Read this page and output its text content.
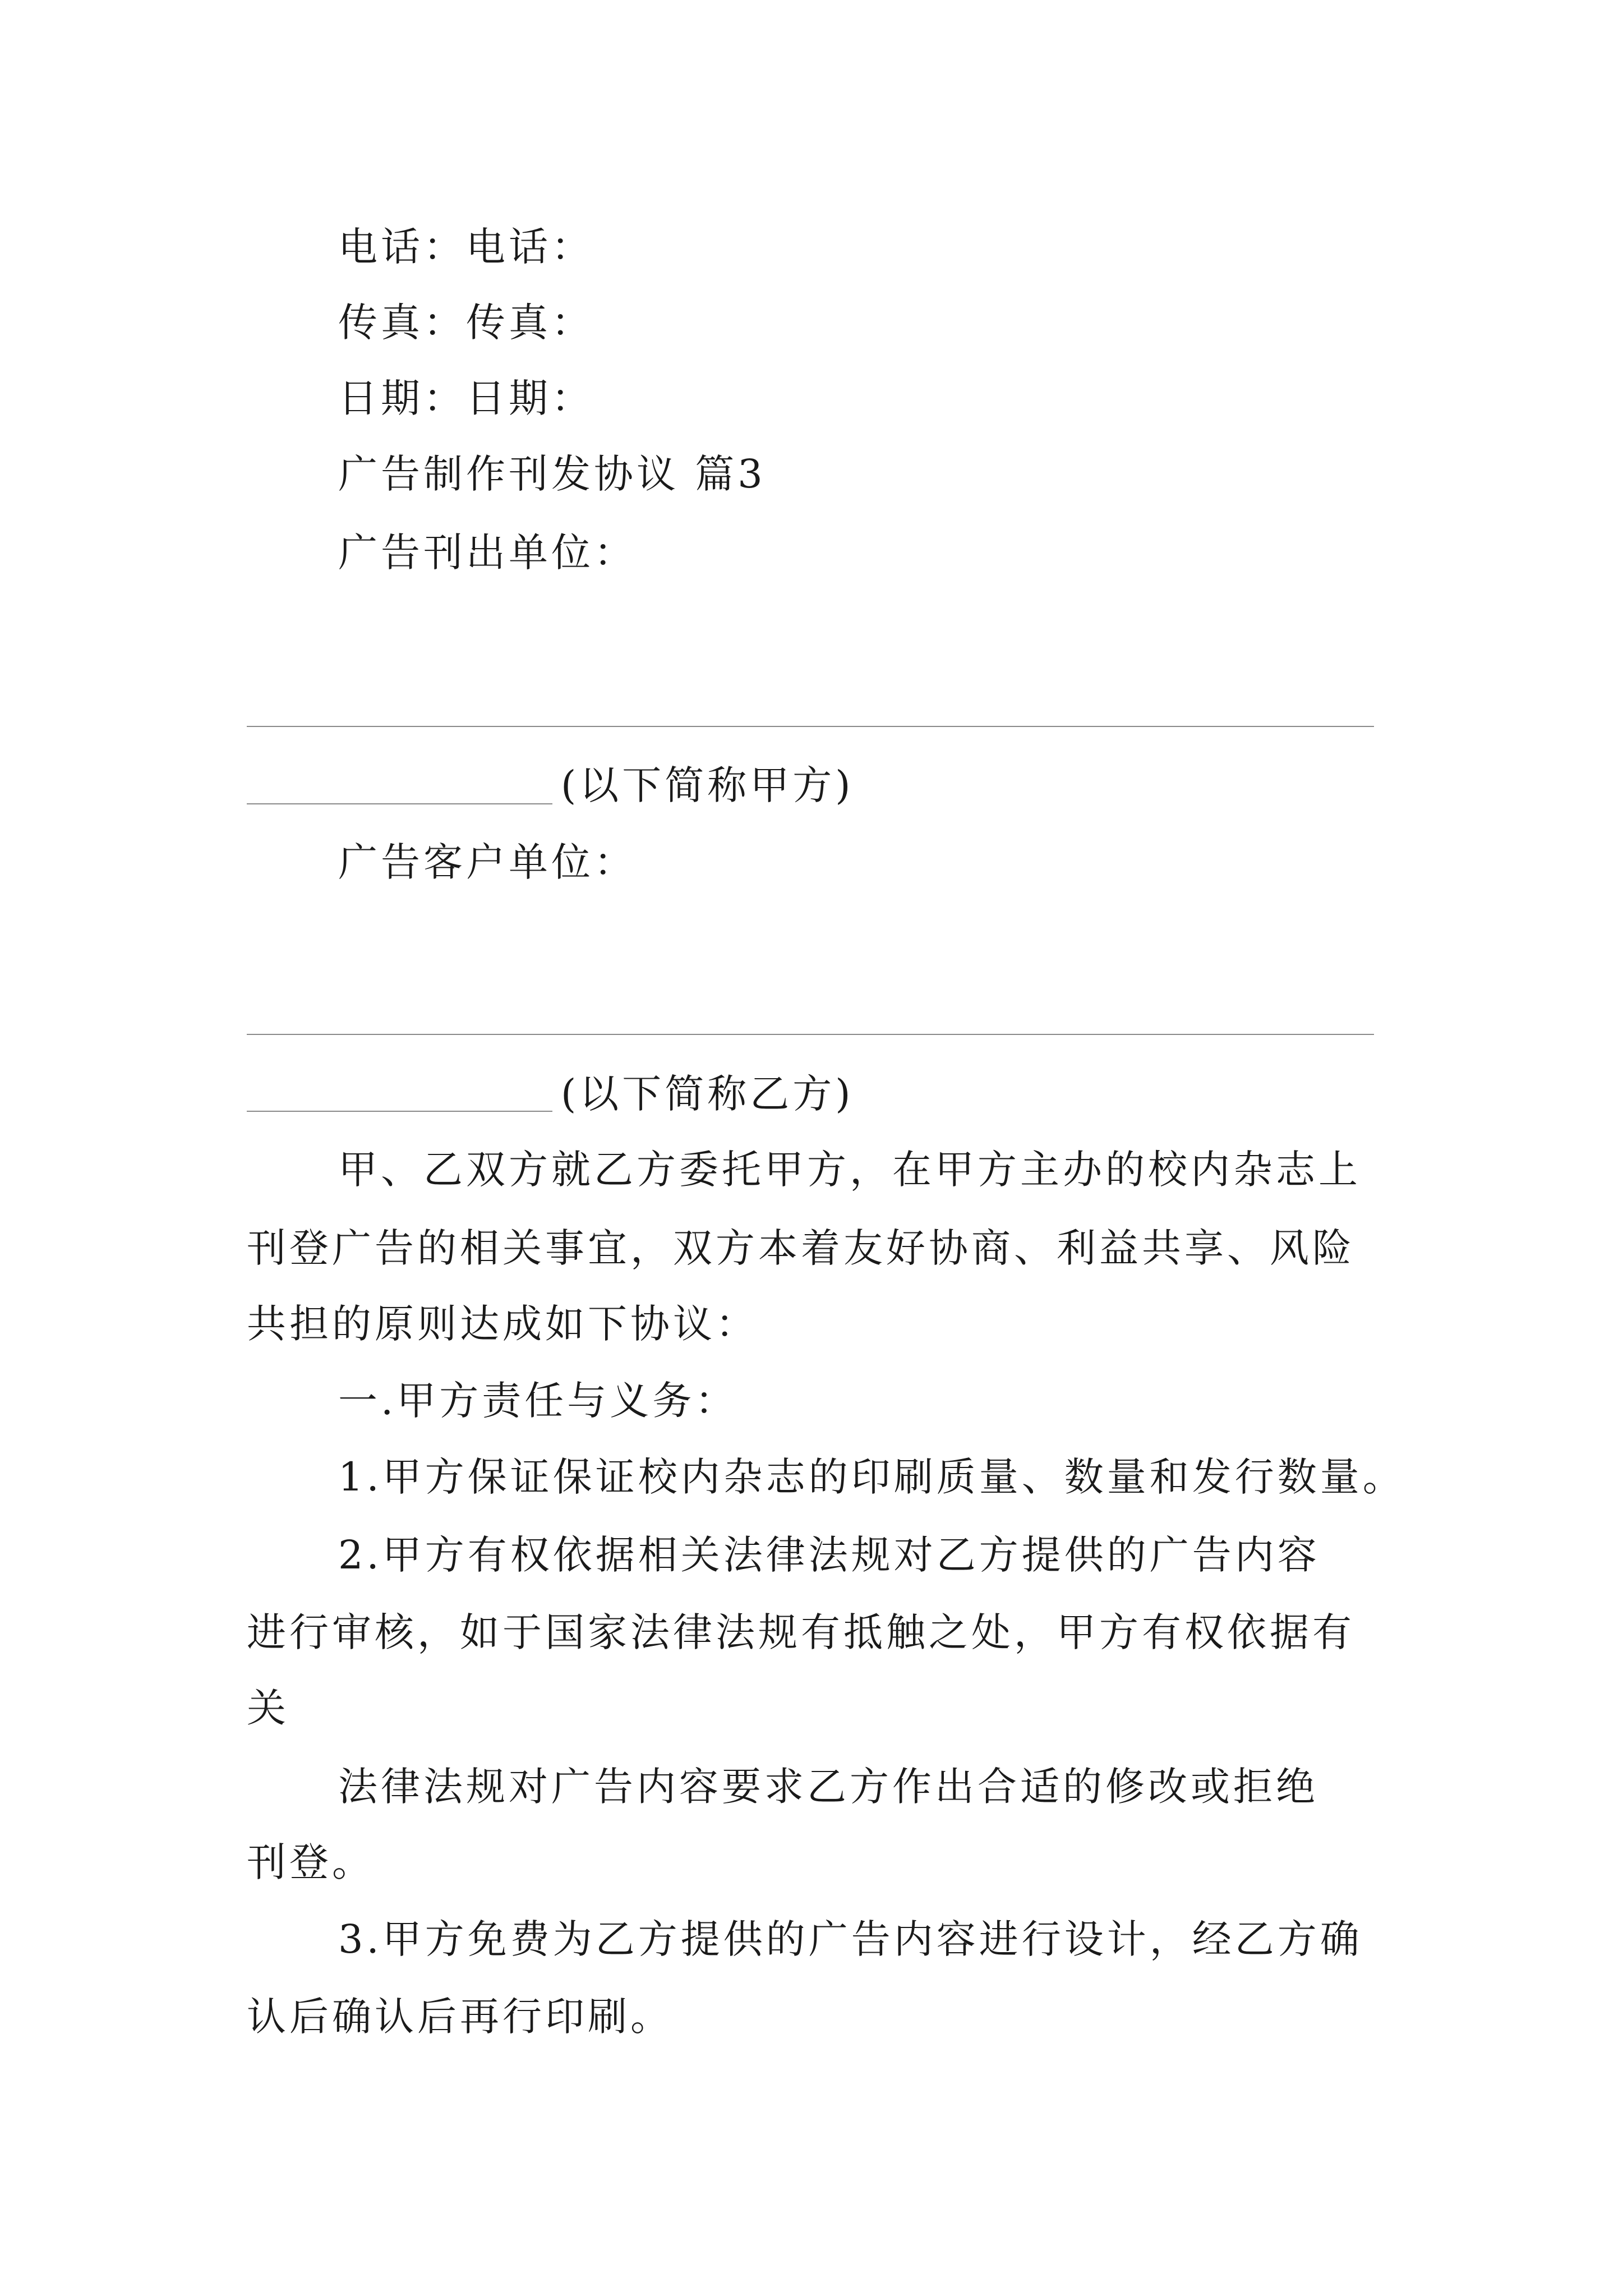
电话：电话：
传真：传真：
日期：日期：
广告制作刊发协议 篇3
广告刊出单位：
(以下简称甲方)
广告客户单位：
(以下简称乙方)
甲、乙双方就乙方委托甲方，在甲方主办的校内杂志上
刊登广告的相关事宜，双方本着友好协商、利益共享、风险
共担的原则达成如下协议：
一.甲方责任与义务：
1.甲方保证保证校内杂志的印刷质量、数量和发行数量。
2.甲方有权依据相关法律法规对乙方提供的广告内容
进行审核，如于国家法律法规有抵触之处，甲方有权依据有
关
法律法规对广告内容要求乙方作出合适的修改或拒绝
刊登。
3.甲方免费为乙方提供的广告内容进行设计，经乙方确
认后确认后再行印刷。
